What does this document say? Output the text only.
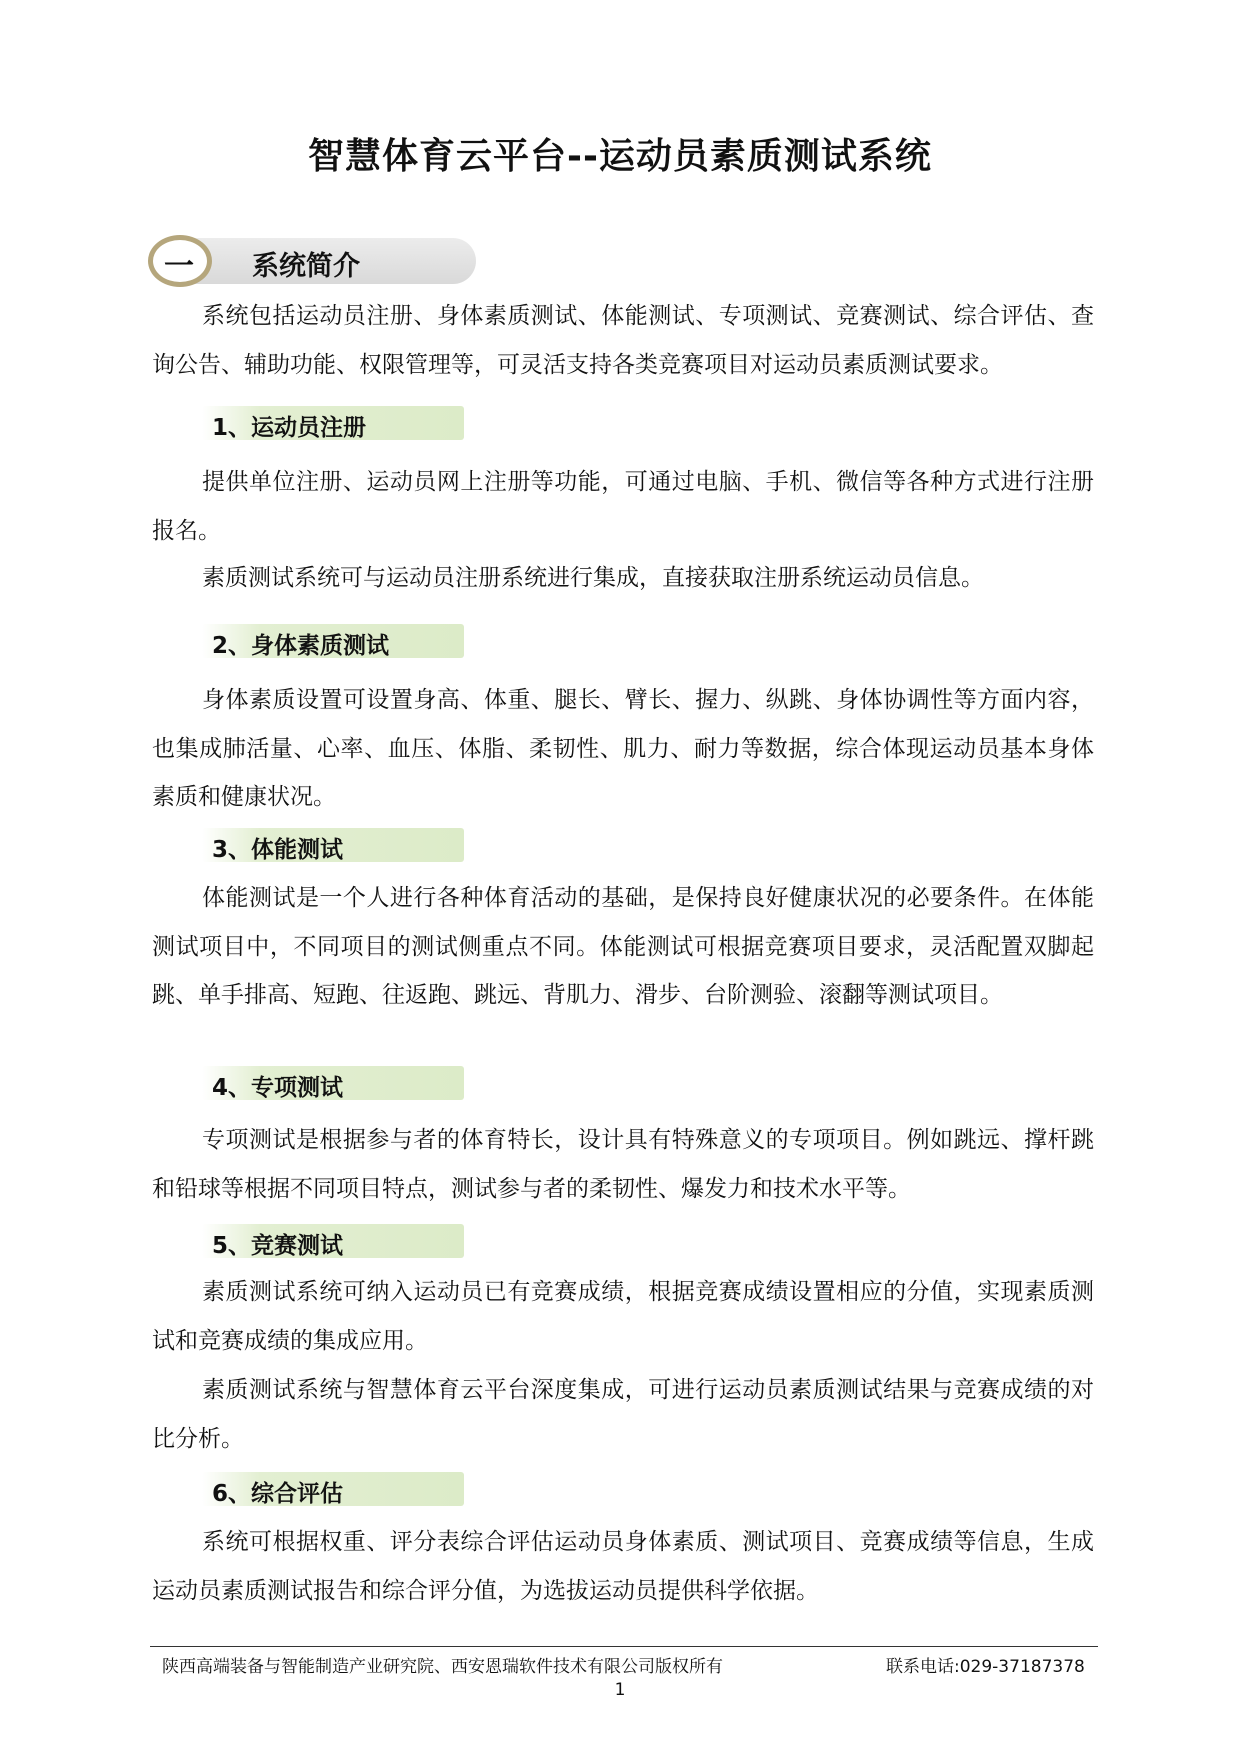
智慧体育云平台--运动员素质测试系统
一 系统简介

系统包括运动员注册、身体素质测试、体能测试、专项测试、竞赛测试、综合评估、查询公告、辅助功能、权限管理等，可灵活支持各类竞赛项目对运动员素质测试要求。

1、运动员注册

提供单位注册、运动员网上注册等功能，可通过电脑、手机、微信等各种方式进行注册报名。

素质测试系统可与运动员注册系统进行集成，直接获取注册系统运动员信息。

2、身体素质测试

身体素质设置可设置身高、体重、腿长、臂长、握力、纵跳、身体协调性等方面内容，也集成肺活量、心率、血压、体脂、柔韧性、肌力、耐力等数据，综合体现运动员基本身体素质和健康状况。

3、体能测试

体能测试是一个人进行各种体育活动的基础，是保持良好健康状况的必要条件。在体能测试项目中，不同项目的测试侧重点不同。体能测试可根据竞赛项目要求，灵活配置双脚起跳、单手排高、短跑、往返跑、跳远、背肌力、滑步、台阶测验、滚翻等测试项目。

4、专项测试

专项测试是根据参与者的体育特长，设计具有特殊意义的专项项目。例如跳远、撑杆跳和铅球等根据不同项目特点，测试参与者的柔韧性、爆发力和技术水平等。

5、竞赛测试

素质测试系统可纳入运动员已有竞赛成绩，根据竞赛成绩设置相应的分值，实现素质测试和竞赛成绩的集成应用。

素质测试系统与智慧体育云平台深度集成，可进行运动员素质测试结果与竞赛成绩的对比分析。

6、综合评估

系统可根据权重、评分表综合评估运动员身体素质、测试项目、竞赛成绩等信息，生成运动员素质测试报告和综合评分值，为选拔运动员提供科学依据。

陕西高端装备与智能制造产业研究院、西安恩瑞软件技术有限公司版权所有	联系电话:029-37187378
1
